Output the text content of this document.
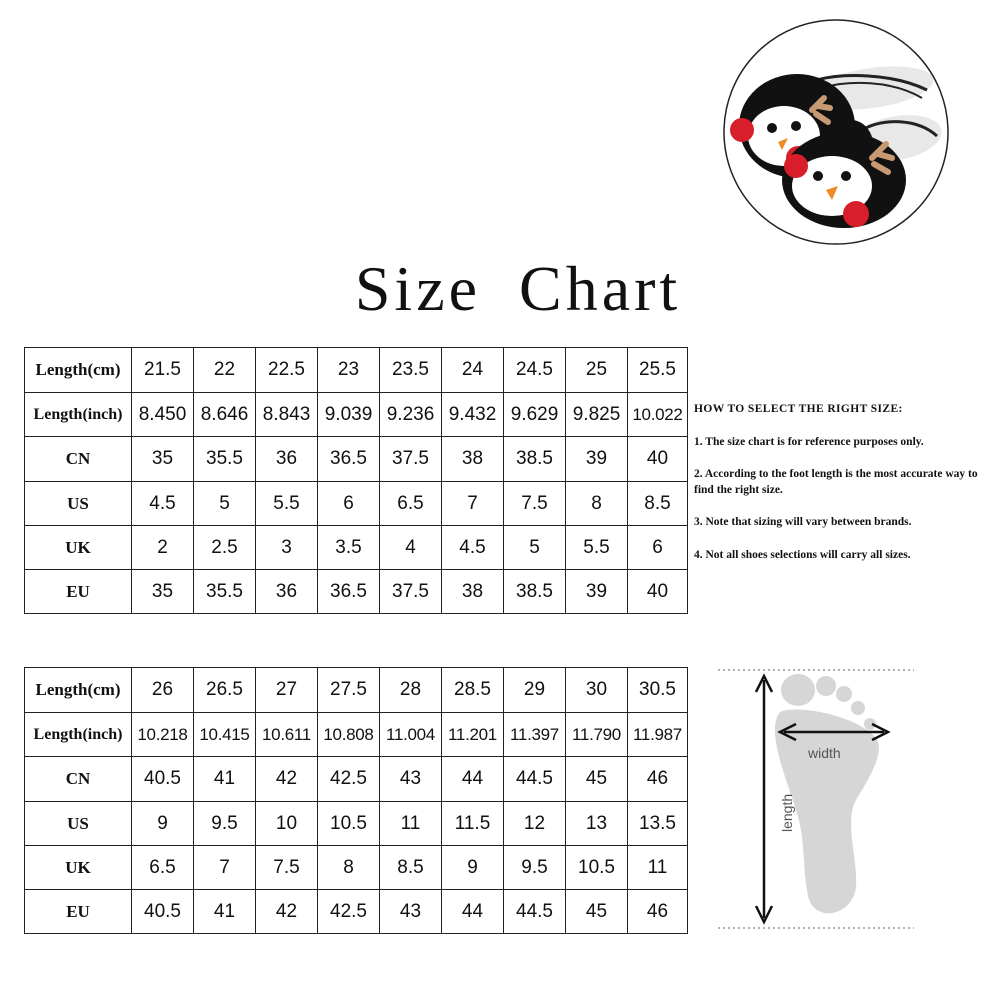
Size Chart
Length(cm)	21.5	22	22.5	23	23.5	24	24.5	25	25.5
Length(inch)	8.450	8.646	8.843	9.039	9.236	9.432	9.629	9.825	10.022
CN	35	35.5	36	36.5	37.5	38	38.5	39	40
US	4.5	5	5.5	6	6.5	7	7.5	8	8.5
UK	2	2.5	3	3.5	4	4.5	5	5.5	6
EU	35	35.5	36	36.5	37.5	38	38.5	39	40
Length(cm)	26	26.5	27	27.5	28	28.5	29	30	30.5
Length(inch)	10.218	10.415	10.611	10.808	11.004	11.201	11.397	11.790	11.987
CN	40.5	41	42	42.5	43	44	44.5	45	46
US	9	9.5	10	10.5	11	11.5	12	13	13.5
UK	6.5	7	7.5	8	8.5	9	9.5	10.5	11
EU	40.5	41	42	42.5	43	44	44.5	45	46
HOW TO SELECT THE RIGHT SIZE:
1. The size chart is for reference purposes only.
2. According to the foot length is the most accurate way to find the right size.
3. Note that sizing will vary between brands.
4. Not all shoes selections will carry all sizes.
length
width
